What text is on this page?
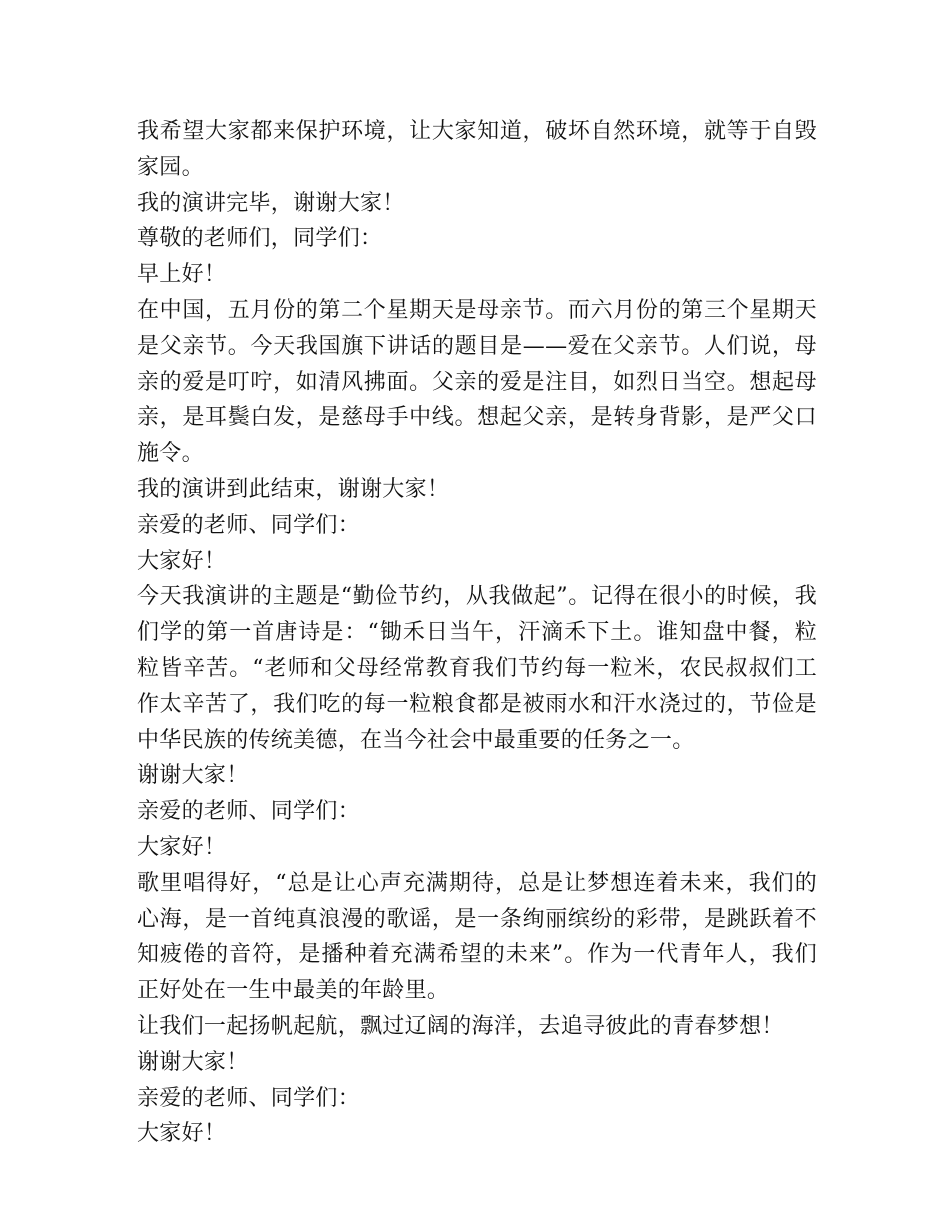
我希望大家都来保护环境，让大家知道，破坏自然环境，就等于自毁家园。

我的演讲完毕，谢谢大家！

尊敬的老师们，同学们：

早上好！

在中国，五月份的第二个星期天是母亲节。而六月份的第三个星期天是父亲节。今天我国旗下讲话的题目是——爱在父亲节。人们说，母亲的爱是叮咛，如清风拂面。父亲的爱是注目，如烈日当空。想起母亲，是耳鬓白发，是慈母手中线。想起父亲，是转身背影，是严父口施令。

我的演讲到此结束，谢谢大家！

亲爱的老师、同学们：

大家好！

今天我演讲的主题是“勤俭节约，从我做起”。记得在很小的时候，我们学的第一首唐诗是：“锄禾日当午，汗滴禾下土。谁知盘中餐，粒粒皆辛苦。“老师和父母经常教育我们节约每一粒米，农民叔叔们工作太辛苦了，我们吃的每一粒粮食都是被雨水和汗水浇过的，节俭是中华民族的传统美德，在当今社会中最重要的任务之一。

谢谢大家！

亲爱的老师、同学们：

大家好！

歌里唱得好，“总是让心声充满期待，总是让梦想连着未来，我们的心海，是一首纯真浪漫的歌谣，是一条绚丽缤纷的彩带，是跳跃着不知疲倦的音符，是播种着充满希望的未来”。作为一代青年人，我们正好处在一生中最美的年龄里。

让我们一起扬帆起航，飘过辽阔的海洋，去追寻彼此的青春梦想！

谢谢大家！

亲爱的老师、同学们：

大家好！
